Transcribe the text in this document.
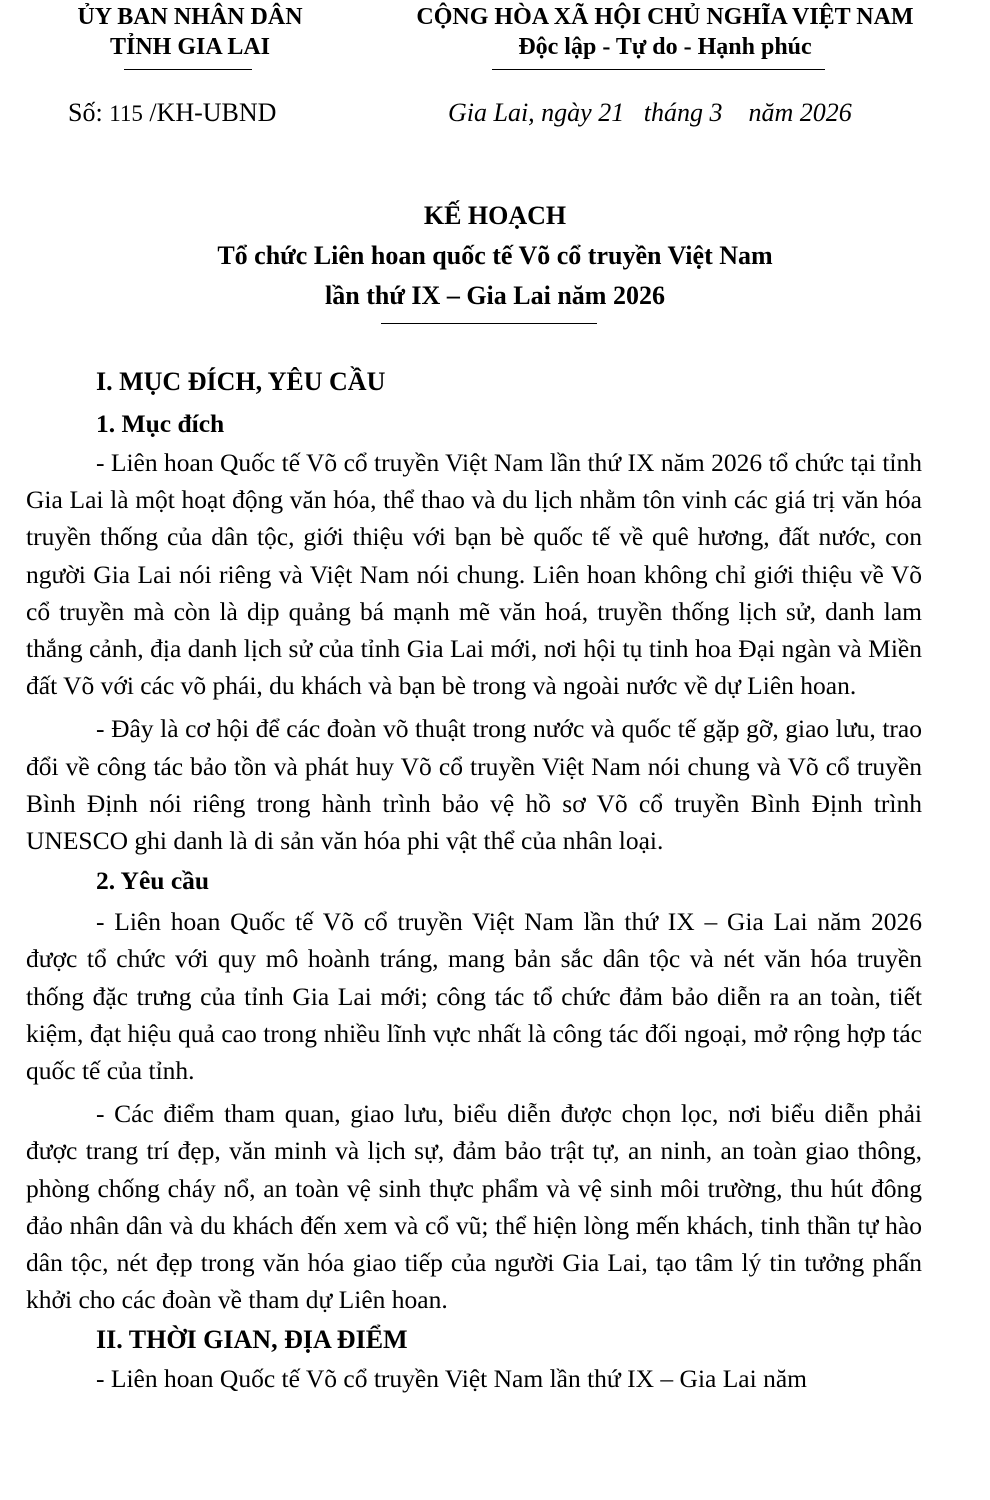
ỦY BAN NHÂN DÂN
TỈNH GIA LAI
CỘNG HÒA XÃ HỘI CHỦ NGHĨA VIỆT NAM
Độc lập - Tự do - Hạnh phúc
Số: 115 /KH-UBND	Gia Lai, ngày 21   tháng 3    năm 2026
KẾ HOẠCH
Tổ chức Liên hoan quốc tế Võ cổ truyền Việt Nam
lần thứ IX – Gia Lai năm 2026

I. MỤC ĐÍCH, YÊU CẦU

1. Mục đích

- Liên hoan Quốc tế Võ cổ truyền Việt Nam lần thứ IX năm 2026 tổ chức tại tỉnh Gia Lai là một hoạt động văn hóa, thể thao và du lịch nhằm tôn vinh các giá trị văn hóa truyền thống của dân tộc, giới thiệu với bạn bè quốc tế về quê hương, đất nước, con người Gia Lai nói riêng và Việt Nam nói chung. Liên hoan không chỉ giới thiệu về Võ cổ truyền mà còn là dịp quảng bá mạnh mẽ văn hoá, truyền thống lịch sử, danh lam thắng cảnh, địa danh lịch sử của tỉnh Gia Lai mới, nơi hội tụ tinh hoa Đại ngàn và Miền đất Võ với các võ phái, du khách và bạn bè trong và ngoài nước về dự Liên hoan.

- Đây là cơ hội để các đoàn võ thuật trong nước và quốc tế gặp gỡ, giao lưu, trao đổi về công tác bảo tồn và phát huy Võ cổ truyền Việt Nam nói chung và Võ cổ truyền Bình Định nói riêng trong hành trình bảo vệ hồ sơ Võ cổ truyền Bình Định trình UNESCO ghi danh là di sản văn hóa phi vật thể của nhân loại.

2. Yêu cầu

- Liên hoan Quốc tế Võ cổ truyền Việt Nam lần thứ IX – Gia Lai năm 2026 được tổ chức với quy mô hoành tráng, mang bản sắc dân tộc và nét văn hóa truyền thống đặc trưng của tỉnh Gia Lai mới; công tác tổ chức đảm bảo diễn ra an toàn, tiết kiệm, đạt hiệu quả cao trong nhiều lĩnh vực nhất là công tác đối ngoại, mở rộng hợp tác quốc tế của tỉnh.

- Các điểm tham quan, giao lưu, biểu diễn được chọn lọc, nơi biểu diễn phải được trang trí đẹp, văn minh và lịch sự, đảm bảo trật tự, an ninh, an toàn giao thông, phòng chống cháy nổ, an toàn vệ sinh thực phẩm và vệ sinh môi trường, thu hút đông đảo nhân dân và du khách đến xem và cổ vũ; thể hiện lòng mến khách, tinh thần tự hào dân tộc, nét đẹp trong văn hóa giao tiếp của người Gia Lai, tạo tâm lý tin tưởng phấn khởi cho các đoàn về tham dự Liên hoan.

II. THỜI GIAN, ĐỊA ĐIỂM

- Liên hoan Quốc tế Võ cổ truyền Việt Nam lần thứ IX – Gia Lai năm
